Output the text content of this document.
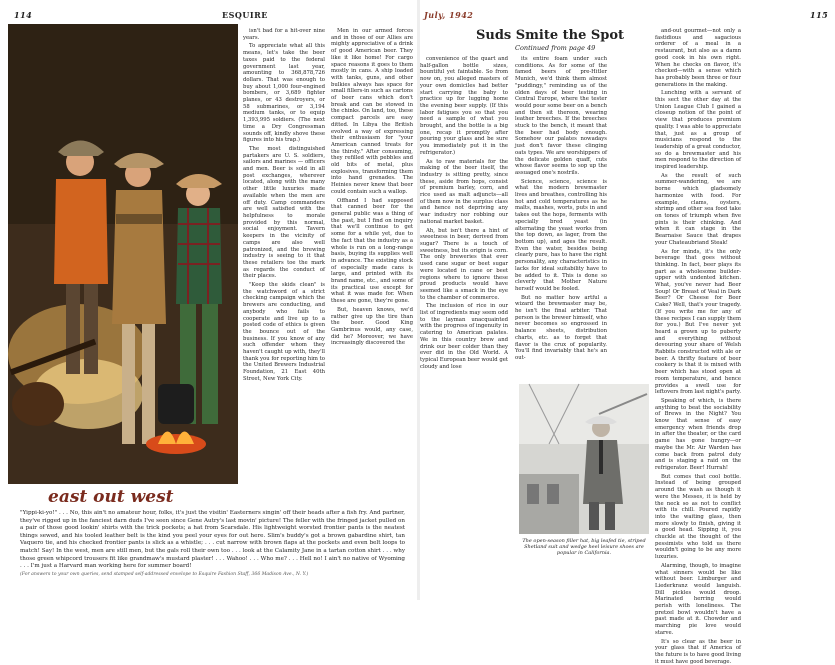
114	ESQUIRE
east out west
"Yippi-ki-yo!" . . . No, this ain't no amateur hour, folks, it's just the visitin' Easterners singin' off their heads after a fish fry. And partner, they've rigged up in the fanciest darn duds I've seen since Gene Autry's last movin' picture! The feller with the fringed jacket pulled on a pair of those good lookin' shirts with the trick pockets; a hat from Scarsdale. His lightweight worsted frontier pants is the neatest things sewed, and his tooled leather belt is the kind you peel your eyes for out here. Slim's buddy's got a brown gabardine shirt, tan Vaquero tie, and his checked frontier pants is slick as a whistle; . . . cut narrow with brown flaps at the pockets and even belt loops to match! Say! In the west, men are still men, but the gals roll their own too . . . look at the Calamity Jane in a tartan cotton shirt . . . why those green whipcord trousers fit like grandmaw's mustard plaster! . . . Wahoo! . . . Who me? . . . Hell no! I ain't no native of Wyoming . . . I'm just a Harvard man working here for summer board!
(For answers to your own queries, send stamped self-addressed envelope to Esquire Fashion Staff, 366 Madison Ave., N. Y.)

isn't bad for a hit-over nine years.

To appreciate what all this means, let's take the beer taxes paid to the federal government last year, amounting to 368,878,726 dollars. That was enough to buy about 1,000 four-engined bombers, or 3,689 fighter planes, or 43 destroyers, or 58 submarines, or 3,194 medium tanks, or to equip 1,393,995 soldiers. (The next time a Dry Congressman sounds off, kindly shove these figures into his trap.)

The most distinguished partakers are U. S. soldiers, sailors and marines — officers and men. Beer is sold in all post exchanges, wherever located, along with the many other little luxuries made available when the men are off duty. Camp commanders are well satisfied with the helpfulness to morale provided by this normal, social enjoyment. Tavern keepers in the vicinity of camps are also well patronized, and the brewing industry is seeing to it that these retailers toe the mark as regards the conduct of their places.

"Keep the skids clean" is the watchword of a strict checking campaign which the brewers are conducting, and anybody who fails to cooperate and live up to a posted code of ethics is given the bounce out of the business. If you know of any such offender whom they haven't caught up with, they'll thank you for reporting him to the United Brewers Industrial Foundation, 21 East 40th Street, New York City.

Men in our armed forces and in those of our Allies are mighty appreciative of a drink of good American beer. They like it like home! For cargo space reasons it goes to them mostly in cans. A ship loaded with tanks, guns, and other bulkies always has space for small fillers-in such as cartons of beer cans which don't break and can be stowed in the chinks. On land, too, these compact parcels are easy ditted. In Libya the British evolved a way of expressing their enthusiasm for "your American canned treats for the thirsty." After consuming, they refilled with pebbles and old bits of metal, plus explosives, transforming them into hand grenades. The Heinies never knew that beer could contain such a wallop.

Offhand I had supposed that canned beer for the general public was a thing of the past, but I find on inquiry that we'll continue to get some for a while yet, due to the fact that the industry as a whole is run on a long-range basis, buying its supplies well in advance. The existing stock of especially made cans is large, and printed with its brand name, etc., and some of its practical use except for what it was made for. When these are gone, they're gone.

But, heaven knows, we'd rather give up the tire than the beer. Good King Gambrinus would, any case, did he? Moreover, we have increasingly discovered the

July, 1942	115
Suds Smite the Spot
Continued from page 49

convenience of the quart and half-gallon bottle sizes, bountiful yet faintable. So from now on, you alleged masters of your own domiciles had better start carrying the baby to practice up for lugging home the evening beer supply. (If this labor fatigues you so that you need a sample of what you brought, and the bottle is a big one, recap it promptly after pouring your glass and be sure you immediately put it in the refrigerator.)

As to raw materials for the making of the beer itself, the industry is sitting pretty, since these, aside from hops, consist of premium barley, corn, and rice used as malt adjuncts—all of them now in the surplus class and hence not depriving any war industry nor robbing our national market basket.

Ah, but isn't there a hint of sweetness in beer, derived from sugar? There is a touch of sweetness, but its origin is corn. The only breweries that ever used cane sugar or beet sugar were located in cane or beet regions where to ignore these proud products would have seemed like a smack in the eye to the chamber of commerce.

The inclusion of rice in our list of ingredients may seem odd to the layman unacquainted with the progress of ingenuity in catering to American palates. We in this country brew and drink our beer colder than they ever did in the Old World. A typical European beer would get cloudy and lose

its entire foam under such conditions. As for some of the famed beers of pre-Hitler Munich, we'd think them almost "puddingy," reminding us of the olden days of beer testing in Central Europe, where the tester would pour some beer on a bench and then sit thereon, wearing leather breeches. If the breeches stuck to the bench, it meant that the beer had body enough. Somehow our palates nowadays just don't favor these clinging oats types. We are worshippers of the delicate golden quaff, cuts whose flavor seems to sop up the assuaged one's nostrils.

Science, science, science is what the modern brewmaster lives and breathes, controlling his hot and cold temperatures as he malts, mashes, worts, puts in and takes out the hops, ferments with specially bred yeast (in alternating the yeast works from the top down, as lager, from the bottom up), and ages the result. Even the water, besides being clearly pure, has to have the right personality, any characteristics in lacks for ideal suitability have to be added to it. This is done so cleverly that Mother Nature herself would be fooled.

But no matter how artful a wizard the brewmaster may be, he isn't the final arbiter. That person is the brewer himself, who never becomes so engrossed in balance sheets, distribution charts, etc. as to forget that flavor is the crux of popularity. You'll find invariably that he's an out-

and-out gourmet—not only a fastidious and sagacious orderer of a meal in a restaurant, but also as a damn good cook in his own right. When he checks on flavor, it's checked—with a sense which has probably been three or four generations in the making.

Lunching with a servant of this sect the other day at the Union League Club I gained a closeup notion of the point of view that produces premium quality. I was able to appreciate that, just as a group of musicians respond to the leadership of a great conductor, so do a brewmaster and his men respond to the direction of inspired leadership.

As the result of such summer-wandering, we are borne which gladsomely harmonize with food. For example, clams, oysters, shrimp and other sea food take on tones of triumph when five pints is their chinking. And when it can stage in the Bearnaise Sauce that drapes your Chateaubriand Steak!

As for minds, it's the only beverage that goes without thinking. In fact, beer plays its part as a wholesome builder-upper with undented kitchen. What, you've never had Beer Soup! Or Breast of Veal in Dark Beer? Or Cheese for Beer Cake? Well, that's your tragedy. (If you write me for any of these recipes I can supply them for you.) But I've never yet heard a grown up to puberty and everything without devouring your share of Welsh Rabbits constructed with ale or beer. A thrifty feature of beer cookery is that it is mixed with beer which has stood open at room temperature, and hence provides a swell use for leftovers from last night's party.

Speaking of which, is there anything to beat the sociability of Brews in the Night? You know that sense of easy emergency when friends drop in after the theater, or the card game has gone hungry—or maybe the Mr. Air Warden has come back from patrol duty and is staging a raid on the refrigerator. Beer! Hurrah!

But comes that cool bottle. Instead of being grouped around the wash as though it were the Messes, it is held by the neck so as not to conflict with its chill. Poured rapidly into the waiting glass, then more slowly to finish, giving it a good head. Sipping it, you chuckle at the thought of the pessimists who told us there wouldn't going to be any more luxuries.

Alarming, though, to imagine what sinners would be like without beer. Limburger and Liederkranz would languish. Dill pickles would droop. Marinated herring would perish with loneliness. The pretzel bowl wouldn't have a past made at it. Chowder and marching pie love would starve.

It's so clear as the beer in your glass that if America of the future is to have good living it must have good beverage.

The open-season filler hat, big leafed tie, striped Shetland suit and wedge heel leisure shoes are popular in California.
